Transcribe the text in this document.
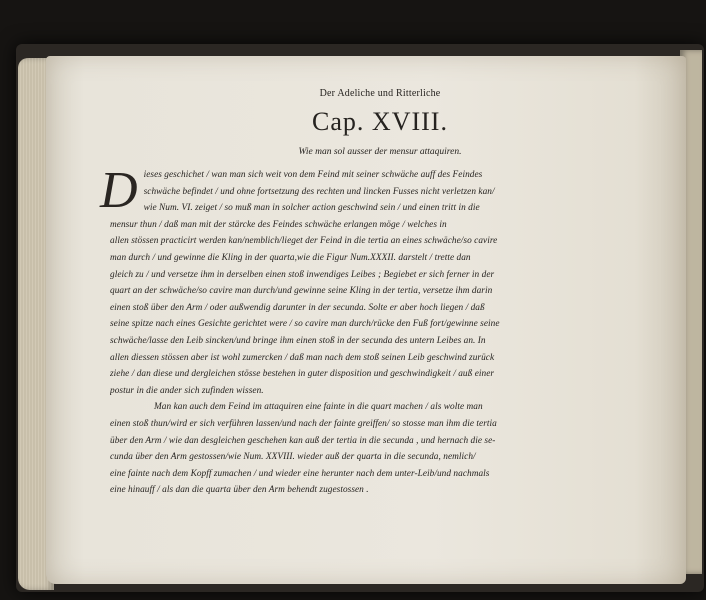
Der Adeliche und Ritterliche
Cap. XVIII.
Wie man sol ausser der mensur attaquiren.
D ieses geschichet / wan man sich weit von dem Feind mit seiner schwäche auff des Feindes
schwäche befindet / und ohne fortsetzung des rechten und lincken Fusses nicht verletzen kan/
wie Num. VI. zeiget / so muß man in solcher action geschwind sein / und einen tritt in die
mensur thun / daß man mit der stärcke des Feindes schwäche erlangen möge / welches in
allen stössen practicirt werden kan/nemblich/lieget der Feind in die tertia an eines schwäche/so cavire
man durch / und gewinne die Kling in der quarta,wie die Figur Num.XXXII. darstelt / trette dan
gleich zu / und versetze ihm in derselben einen stoß inwendiges Leibes ; Begiebet er sich ferner in der
quart an der schwäche/so cavire man durch/und gewinne seine Kling in der tertia, versetze ihm darin
einen stoß über den Arm / oder außwendig darunter in der secunda. Solte er aber hoch liegen / daß
seine spitze nach eines Gesichte gerichtet were / so cavire man durch/rücke den Fuß fort/gewinne seine
schwäche/lasse den Leib sincken/und bringe ihm einen stoß in der secunda des untern Leibes an. In
allen diessen stössen aber ist wohl zumercken / daß man nach dem stoß seinen Leib geschwind zurück
ziehe / dan diese und dergleichen stösse bestehen in guter disposition und geschwindigkeit / auß einer
postur in die ander sich zufinden wissen.
Man kan auch dem Feind im attaquiren eine fainte in die quart machen / als wolte man
einen stoß thun/wird er sich verführen lassen/und nach der fainte greiffen/ so stosse man ihm die tertia
über den Arm / wie dan desgleichen geschehen kan auß der tertia in die secunda , und hernach die se-
cunda über den Arm gestossen/wie Num. XXVIII. wieder auß der quarta in die secunda, nemlich/
eine fainte nach dem Kopff zumachen / und wieder eine herunter nach dem unter-Leib/und nachmals
eine hinauff / als dan die quarta über den Arm behendt zugestossen .
